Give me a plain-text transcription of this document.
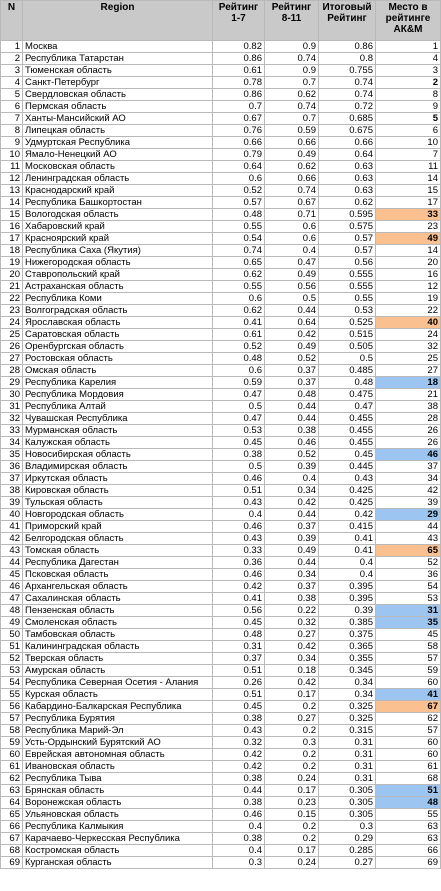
N	Region	Рейтинг 1-7	Рейтинг 8-11	Итоговый Рейтинг	Место в рейтинге АК&М
1	Москва	0.82	0.9	0.86	1
2	Республика Татарстан	0.86	0.74	0.8	4
3	Тюменская область	0.61	0.9	0.755	3
4	Санкт-Петербург	0.78	0.7	0.74	2
5	Свердловская область	0.86	0.62	0.74	8
6	Пермская область	0.7	0.74	0.72	9
7	Ханты-Мансийский АО	0.67	0.7	0.685	5
8	Липецкая область	0.76	0.59	0.675	6
9	Удмуртская Республика	0.66	0.66	0.66	10
10	Ямало-Ненецкий АО	0.79	0.49	0.64	7
11	Московская область	0.64	0.62	0.63	11
12	Ленинградская область	0.6	0.66	0.63	14
13	Краснодарский край	0.52	0.74	0.63	15
14	Республика Башкортостан	0.57	0.67	0.62	17
15	Вологодская область	0.48	0.71	0.595	33
16	Хабаровский край	0.55	0.6	0.575	23
17	Красноярский край	0.54	0.6	0.57	49
18	Республика Саха (Якутия)	0.74	0.4	0.57	14
19	Нижегородская область	0.65	0.47	0.56	20
20	Ставропольский край	0.62	0.49	0.555	16
21	Астраханская область	0.55	0.56	0.555	12
22	Республика Коми	0.6	0.5	0.55	19
23	Волгоградская область	0.62	0.44	0.53	22
24	Ярославская область	0.41	0.64	0.525	40
25	Саратовская область	0.61	0.42	0.515	24
26	Оренбургская область	0.52	0.49	0.505	32
27	Ростовская область	0.48	0.52	0.5	25
28	Омская область	0.6	0.37	0.485	27
29	Республика Карелия	0.59	0.37	0.48	18
30	Республика Мордовия	0.47	0.48	0.475	21
31	Республика Алтай	0.5	0.44	0.47	38
32	Чувашская Республика	0.47	0.44	0.455	28
33	Мурманская область	0.53	0.38	0.455	26
34	Калужская область	0.45	0.46	0.455	26
35	Новосибирская область	0.38	0.52	0.45	46
36	Владимирская область	0.5	0.39	0.445	37
37	Иркутская область	0.46	0.4	0.43	34
38	Кировская область	0.51	0.34	0.425	42
39	Тульская область	0.43	0.42	0.425	39
40	Новгородская область	0.4	0.44	0.42	29
41	Приморский край	0.46	0.37	0.415	44
42	Белгородская область	0.43	0.39	0.41	43
43	Томская область	0.33	0.49	0.41	65
44	Республика Дагестан	0.36	0.44	0.4	52
45	Псковская область	0.46	0.34	0.4	36
46	Архангельская область	0.42	0.37	0.395	54
47	Сахалинская область	0.41	0.38	0.395	53
48	Пензенская область	0.56	0.22	0.39	31
49	Смоленская область	0.45	0.32	0.385	35
50	Тамбовская область	0.48	0.27	0.375	45
51	Калининградская область	0.31	0.42	0.365	58
52	Тверская область	0.37	0.34	0.355	57
53	Амурская область	0.51	0.18	0.345	59
54	Республика Северная Осетия - Алания	0.26	0.42	0.34	60
55	Курская область	0.51	0.17	0.34	41
56	Кабардино-Балкарская Республика	0.45	0.2	0.325	67
57	Республика Бурятия	0.38	0.27	0.325	62
58	Республика Марий-Эл	0.43	0.2	0.315	57
59	Усть-Ордынский Бурятский АО	0.32	0.3	0.31	60
60	Еврейская автономная область	0.42	0.2	0.31	60
61	Ивановская область	0.42	0.2	0.31	61
62	Республика Тыва	0.38	0.24	0.31	68
63	Брянская область	0.44	0.17	0.305	51
64	Воронежская область	0.38	0.23	0.305	48
65	Ульяновская область	0.46	0.15	0.305	55
66	Республика Калмыкия	0.4	0.2	0.3	63
67	Карачаево-Черкесская Республика	0.38	0.2	0.29	63
68	Костромская область	0.4	0.17	0.285	66
69	Курганская область	0.3	0.24	0.27	69
